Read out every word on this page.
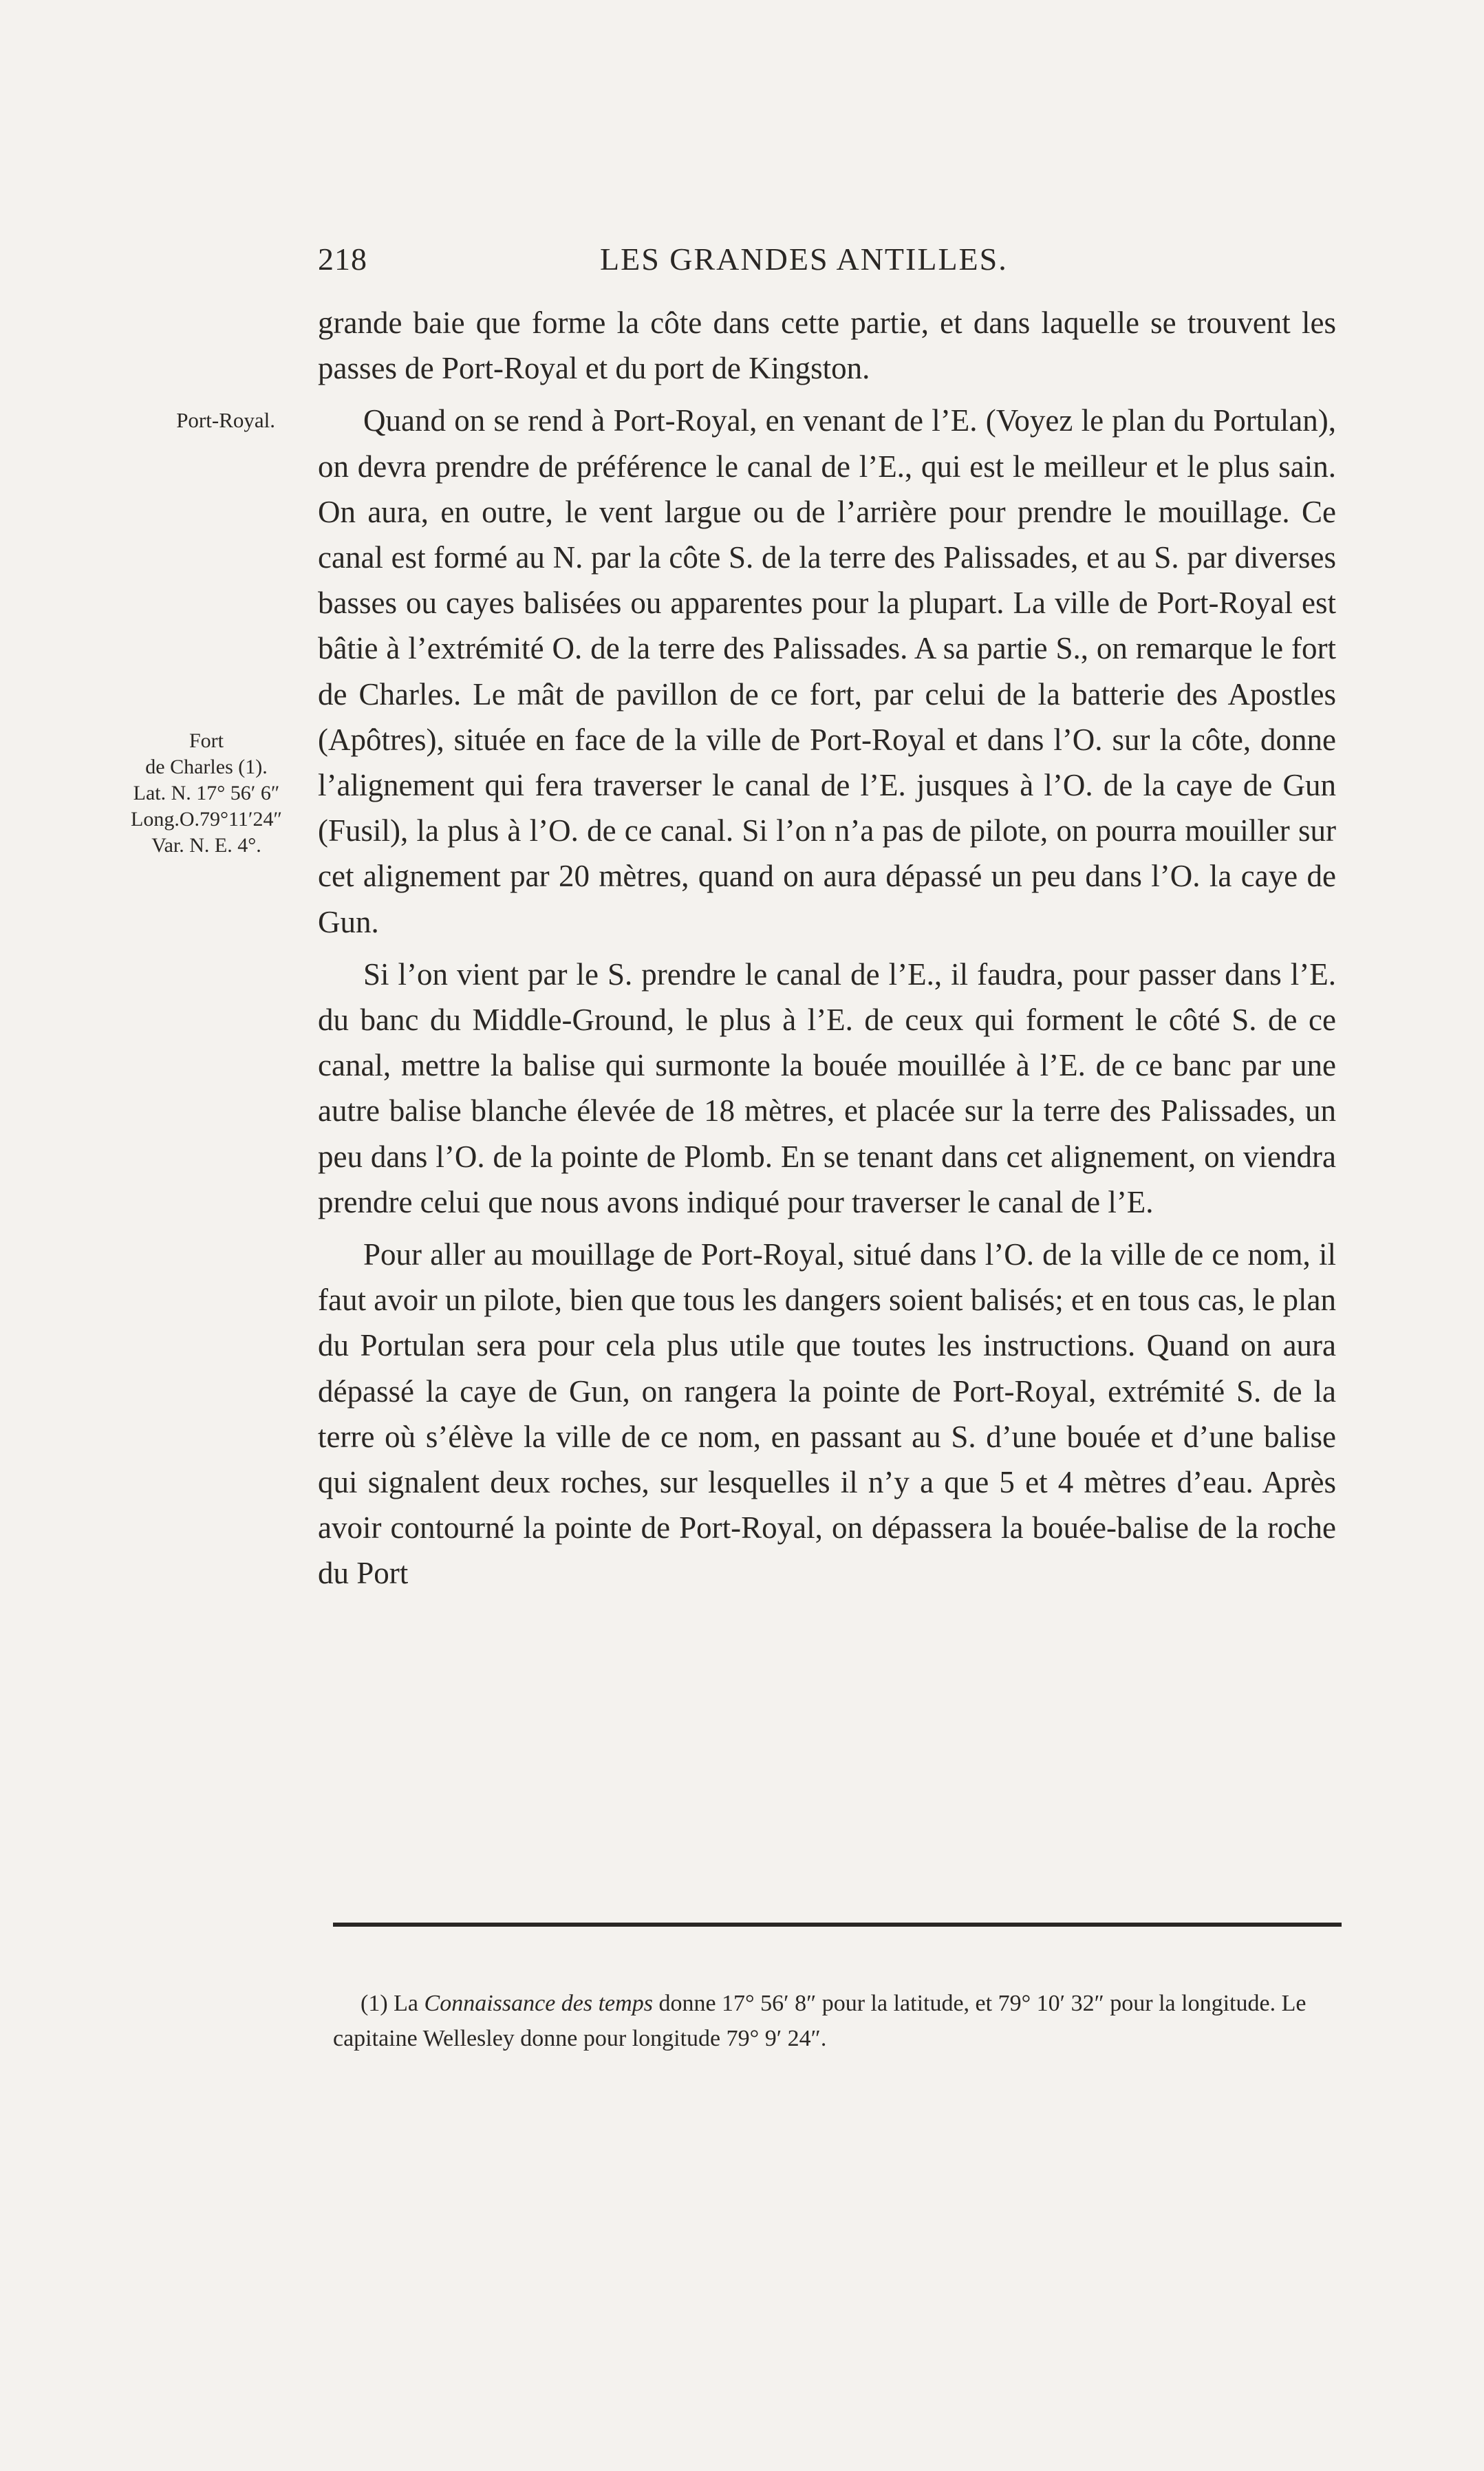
218	LES GRANDES ANTILLES.
Port-Royal.
Fort
de Charles (1).
Lat. N. 17° 56′ 6″
Long.O.79°11′24″
Var. N. E. 4°.

grande baie que forme la côte dans cette partie, et dans laquelle se trouvent les passes de Port-Royal et du port de Kingston.

Quand on se rend à Port-Royal, en venant de l’E. (Voyez le plan du Portulan), on devra prendre de préférence le canal de l’E., qui est le meilleur et le plus sain. On aura, en outre, le vent largue ou de l’arrière pour prendre le mouillage. Ce canal est formé au N. par la côte S. de la terre des Palissades, et au S. par diverses basses ou cayes balisées ou apparentes pour la plupart. La ville de Port-Royal est bâtie à l’extrémité O. de la terre des Palissades. A sa partie S., on remarque le fort de Charles. Le mât de pavillon de ce fort, par celui de la batterie des Apostles (Apôtres), située en face de la ville de Port-Royal et dans l’O. sur la côte, donne l’alignement qui fera traverser le canal de l’E. jusques à l’O. de la caye de Gun (Fusil), la plus à l’O. de ce canal. Si l’on n’a pas de pilote, on pourra mouiller sur cet alignement par 20 mètres, quand on aura dépassé un peu dans l’O. la caye de Gun.

Si l’on vient par le S. prendre le canal de l’E., il faudra, pour passer dans l’E. du banc du Middle-Ground, le plus à l’E. de ceux qui forment le côté S. de ce canal, mettre la balise qui surmonte la bouée mouillée à l’E. de ce banc par une autre balise blanche élevée de 18 mètres, et placée sur la terre des Palissades, un peu dans l’O. de la pointe de Plomb. En se tenant dans cet alignement, on viendra prendre celui que nous avons indiqué pour traverser le canal de l’E.

Pour aller au mouillage de Port-Royal, situé dans l’O. de la ville de ce nom, il faut avoir un pilote, bien que tous les dangers soient balisés; et en tous cas, le plan du Portulan sera pour cela plus utile que toutes les instructions. Quand on aura dépassé la caye de Gun, on rangera la pointe de Port-Royal, extrémité S. de la terre où s’élève la ville de ce nom, en passant au S. d’une bouée et d’une balise qui signalent deux roches, sur lesquelles il n’y a que 5 et 4 mètres d’eau. Après avoir contourné la pointe de Port-Royal, on dépassera la bouée-balise de la roche du Port

(1) La Connaissance des temps donne 17° 56′ 8″ pour la latitude, et 79° 10′ 32″ pour la longitude. Le capitaine Wellesley donne pour longitude 79° 9′ 24″.
